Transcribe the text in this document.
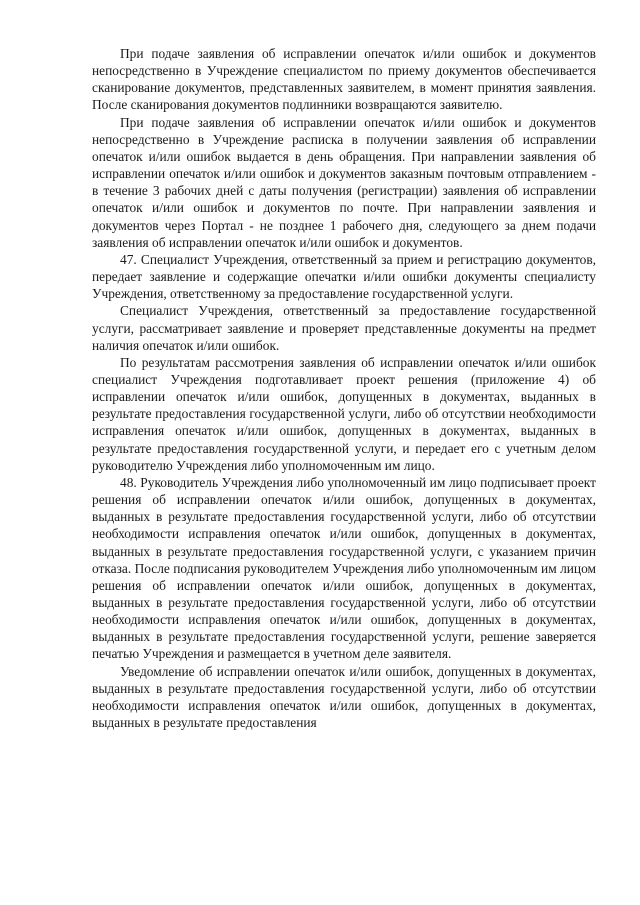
При подаче заявления об исправлении опечаток и/или ошибок и документов непосредственно в Учреждение специалистом по приему документов обеспечивается сканирование документов, представленных заявителем, в момент принятия заявления. После сканирования документов подлинники возвращаются заявителю.

При подаче заявления об исправлении опечаток и/или ошибок и документов непосредственно в Учреждение расписка в получении заявления об исправлении опечаток и/или ошибок выдается в день обращения. При направлении заявления об исправлении опечаток и/или ошибок и документов заказным почтовым отправлением - в течение 3 рабочих дней с даты получения (регистрации) заявления об исправлении опечаток и/или ошибок и документов по почте. При направлении заявления и документов через Портал - не позднее 1 рабочего дня, следующего за днем подачи заявления об исправлении опечаток и/или ошибок и документов.

47. Специалист Учреждения, ответственный за прием и регистрацию документов, передает заявление и содержащие опечатки и/или ошибки документы специалисту Учреждения, ответственному за предоставление государственной услуги.

Специалист Учреждения, ответственный за предоставление государственной услуги, рассматривает заявление и проверяет представленные документы на предмет наличия опечаток и/или ошибок.

По результатам рассмотрения заявления об исправлении опечаток и/или ошибок специалист Учреждения подготавливает проект решения (приложение 4) об исправлении опечаток и/или ошибок, допущенных в документах, выданных в результате предоставления государственной услуги, либо об отсутствии необходимости исправления опечаток и/или ошибок, допущенных в документах, выданных в результате предоставления государственной услуги, и передает его с учетным делом руководителю Учреждения либо уполномоченным им лицо.

48. Руководитель Учреждения либо уполномоченный им лицо подписывает проект решения об исправлении опечаток и/или ошибок, допущенных в документах, выданных в результате предоставления государственной услуги, либо об отсутствии необходимости исправления опечаток и/или ошибок, допущенных в документах, выданных в результате предоставления государственной услуги, с указанием причин отказа. После подписания руководителем Учреждения либо уполномоченным им лицом решения об исправлении опечаток и/или ошибок, допущенных в документах, выданных в результате предоставления государственной услуги, либо об отсутствии необходимости исправления опечаток и/или ошибок, допущенных в документах, выданных в результате предоставления государственной услуги, решение заверяется печатью Учреждения и размещается в учетном деле заявителя.

Уведомление об исправлении опечаток и/или ошибок, допущенных в документах, выданных в результате предоставления государственной услуги, либо об отсутствии необходимости исправления опечаток и/или ошибок, допущенных в документах, выданных в результате предоставления
